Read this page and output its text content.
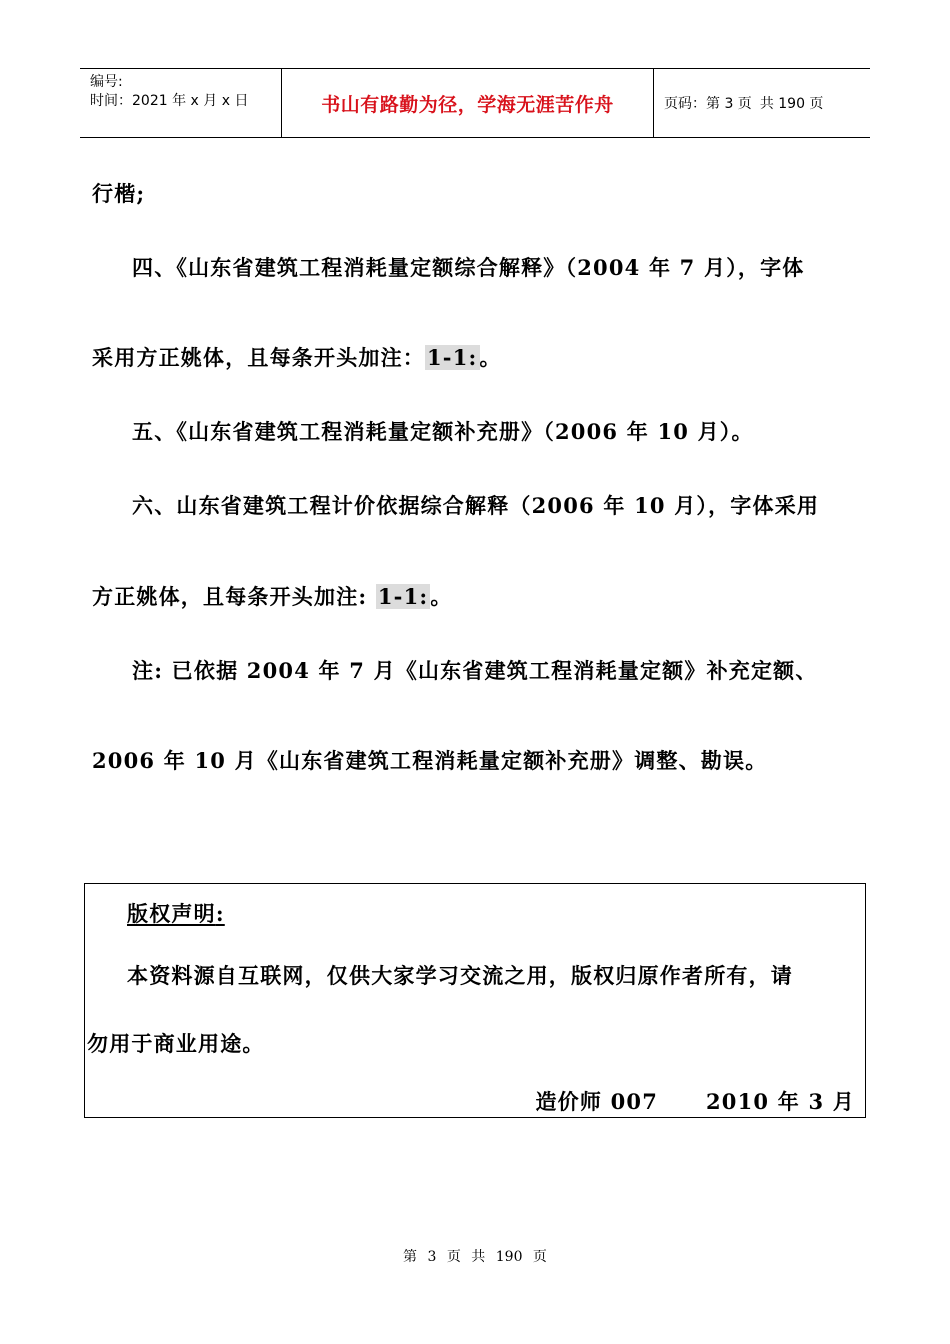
编号:
时间：2021 年 x 月 x 日	书山有路勤为径，学海无涯苦作舟	页码：第 3 页 共 190 页
行楷;
四、《山东省建筑工程消耗量定额综合解释》（2004 年 7 月），字体
采用方正姚体，且每条开头加注：1-1:。
五、《山东省建筑工程消耗量定额补充册》（2006 年 10 月）。
六、山东省建筑工程计价依据综合解释（2006 年 10 月），字体采用
方正姚体，且每条开头加注: 1-1:。
注: 已依据 2004 年 7 月《山东省建筑工程消耗量定额》补充定额、
2006 年 10 月《山东省建筑工程消耗量定额补充册》调整、勘误。
版权声明:
本资料源自互联网，仅供大家学习交流之用，版权归原作者所有，请
勿用于商业用途。
造价师 007 2010 年 3 月
第 3 页 共 190 页
